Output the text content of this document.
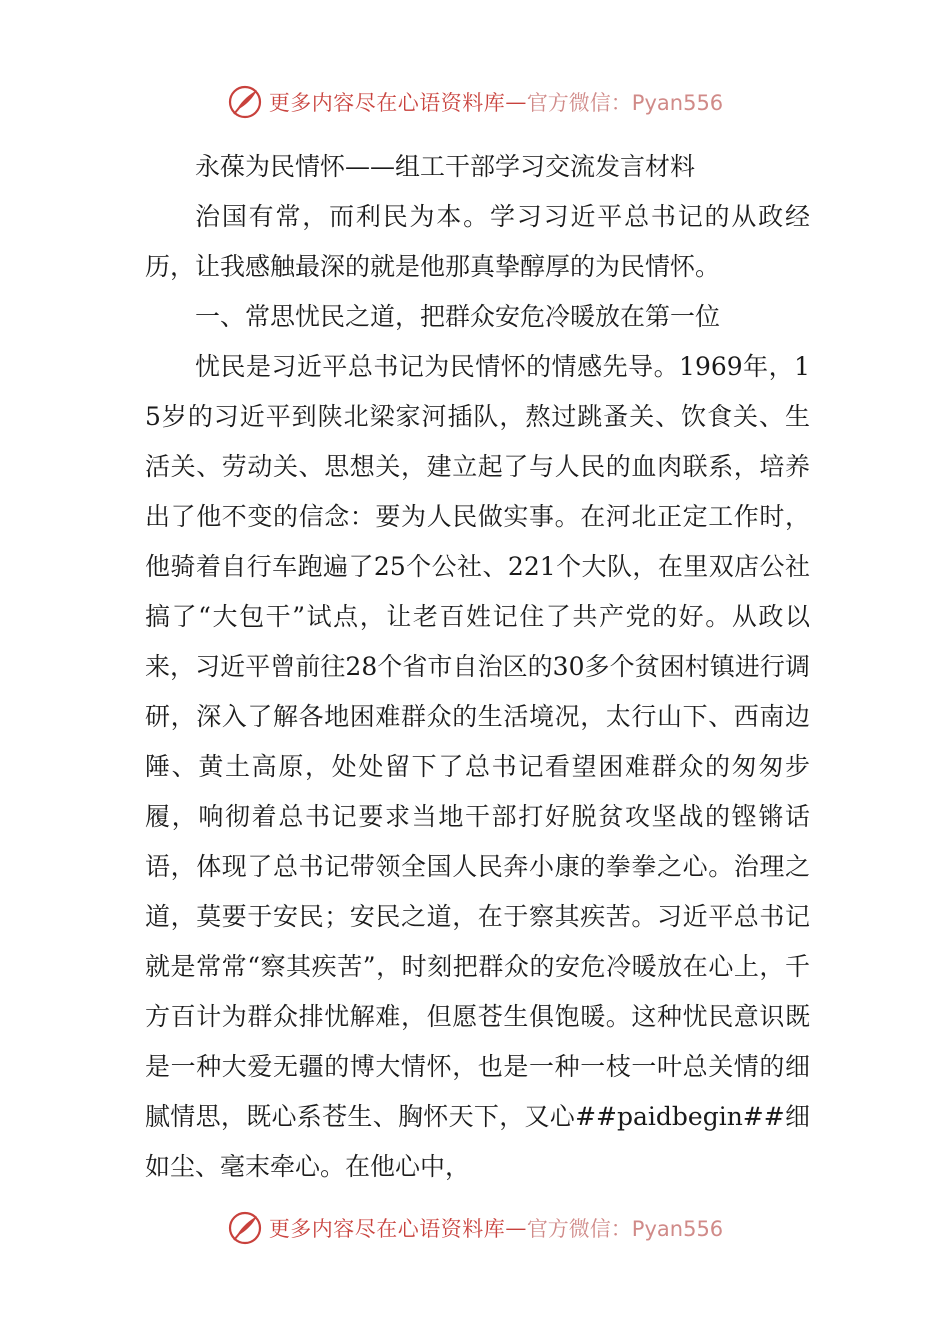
更多内容尽在心语资料库 — 官方微信：Pyan556

永葆为民情怀——组工干部学习交流发言材料

治国有常，而利民为本。学习习近平总书记的从政经历，让我感触最深的就是他那真挚醇厚的为民情怀。

一、常思忧民之道，把群众安危冷暖放在第一位

忧民是习近平总书记为民情怀的情感先导。1969年，15岁的习近平到陕北梁家河插队，熬过跳蚤关、饮食关、生活关、劳动关、思想关，建立起了与人民的血肉联系，培养出了他不变的信念：要为人民做实事。在河北正定工作时，他骑着自行车跑遍了25个公社、221个大队，在里双店公社搞了“大包干”试点，让老百姓记住了共产党的好。从政以来，习近平曾前往28个省市自治区的30多个贫困村镇进行调研，深入了解各地困难群众的生活境况，太行山下、西南边陲、黄土高原，处处留下了总书记看望困难群众的匆匆步履，响彻着总书记要求当地干部打好脱贫攻坚战的铿锵话语，体现了总书记带领全国人民奔小康的拳拳之心。治理之道，莫要于安民；安民之道，在于察其疾苦。习近平总书记就是常常“察其疾苦”，时刻把群众的安危冷暖放在心上，千方百计为群众排忧解难，但愿苍生俱饱暖。这种忧民意识既是一种大爱无疆的博大情怀，也是一种一枝一叶总关情的细腻情思，既心系苍生、胸怀天下，又心##paidbegin##细如尘、毫末牵心。在他心中，

更多内容尽在心语资料库 — 官方微信：Pyan556
